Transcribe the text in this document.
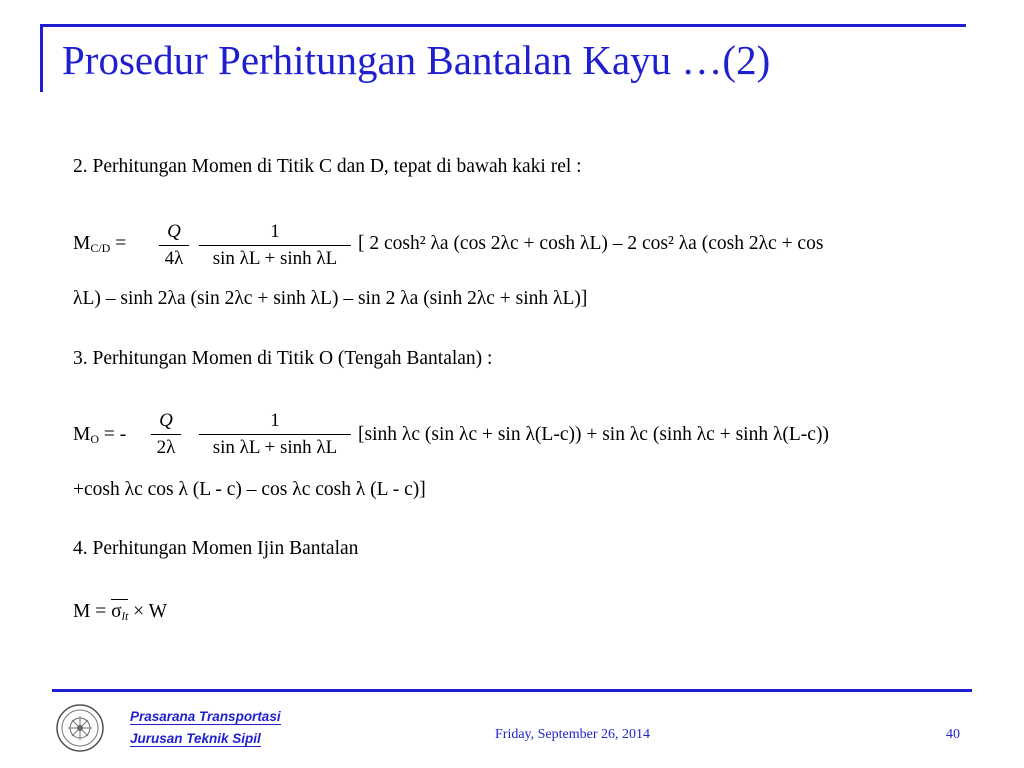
Prosedur Perhitungan Bantalan Kayu …(2)
2. Perhitungan Momen di Titik C dan D, tepat di bawah kaki rel :
$M_{C/D} = \frac{Q}{4\lambda} \frac{1}{\text{sin λL + sinh λL}}$ [ 2 cosh² λa (cos 2λc + cosh λL) – 2 cos² λa (cosh 2λc + cos
λL) – sinh 2λa (sin 2λc + sinh λL) – sin 2 λa (sinh 2λc + sinh λL)]
3. Perhitungan Momen di Titik O (Tengah Bantalan) :
$M_O$ = - $\frac{Q}{2\lambda} \frac{1}{\text{sin λL + sinh λL}} [\sinh$ λc (sin λc + sin λ(L-c)) + sin λc (sinh λc + sinh λ(L-c))
+cosh λc cos λ (L - c) – cos λc cosh λ (L - c)]
4. Perhitungan Momen Ijin Bantalan
$M = \sigma_{lt} \times W$
Prasarana Transportasi
Jurusan Teknik Sipil	Friday, September 26, 2014	40
